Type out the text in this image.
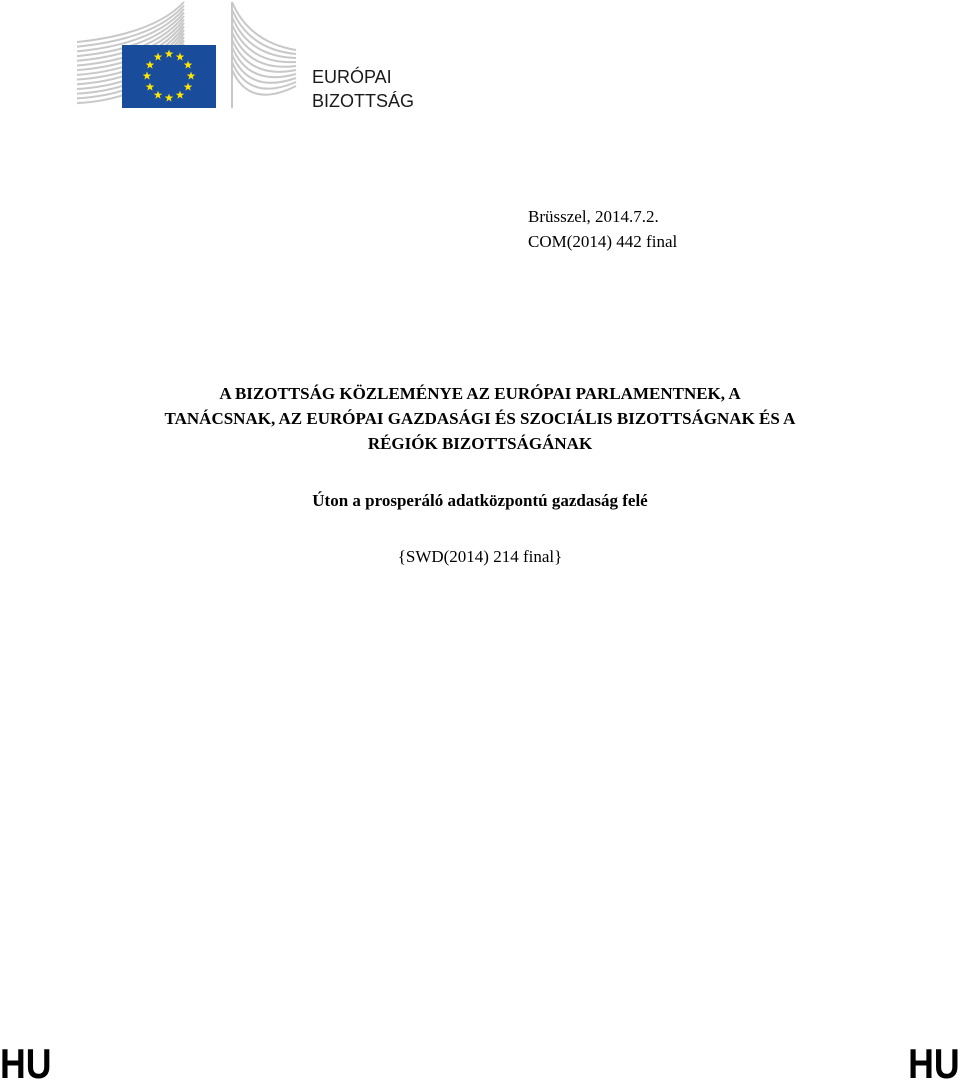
EURÓPAI
BIZOTTSÁG
Brüsszel, 2014.7.2.
COM(2014) 442 final
A BIZOTTSÁG KÖZLEMÉNYE AZ EURÓPAI PARLAMENTNEK, A
TANÁCSNAK, AZ EURÓPAI GAZDASÁGI ÉS SZOCIÁLIS BIZOTTSÁGNAK ÉS A
RÉGIÓK BIZOTTSÁGÁNAK
Úton a prosperáló adatközpontú gazdaság felé
{SWD(2014) 214 final}
HU	HU
